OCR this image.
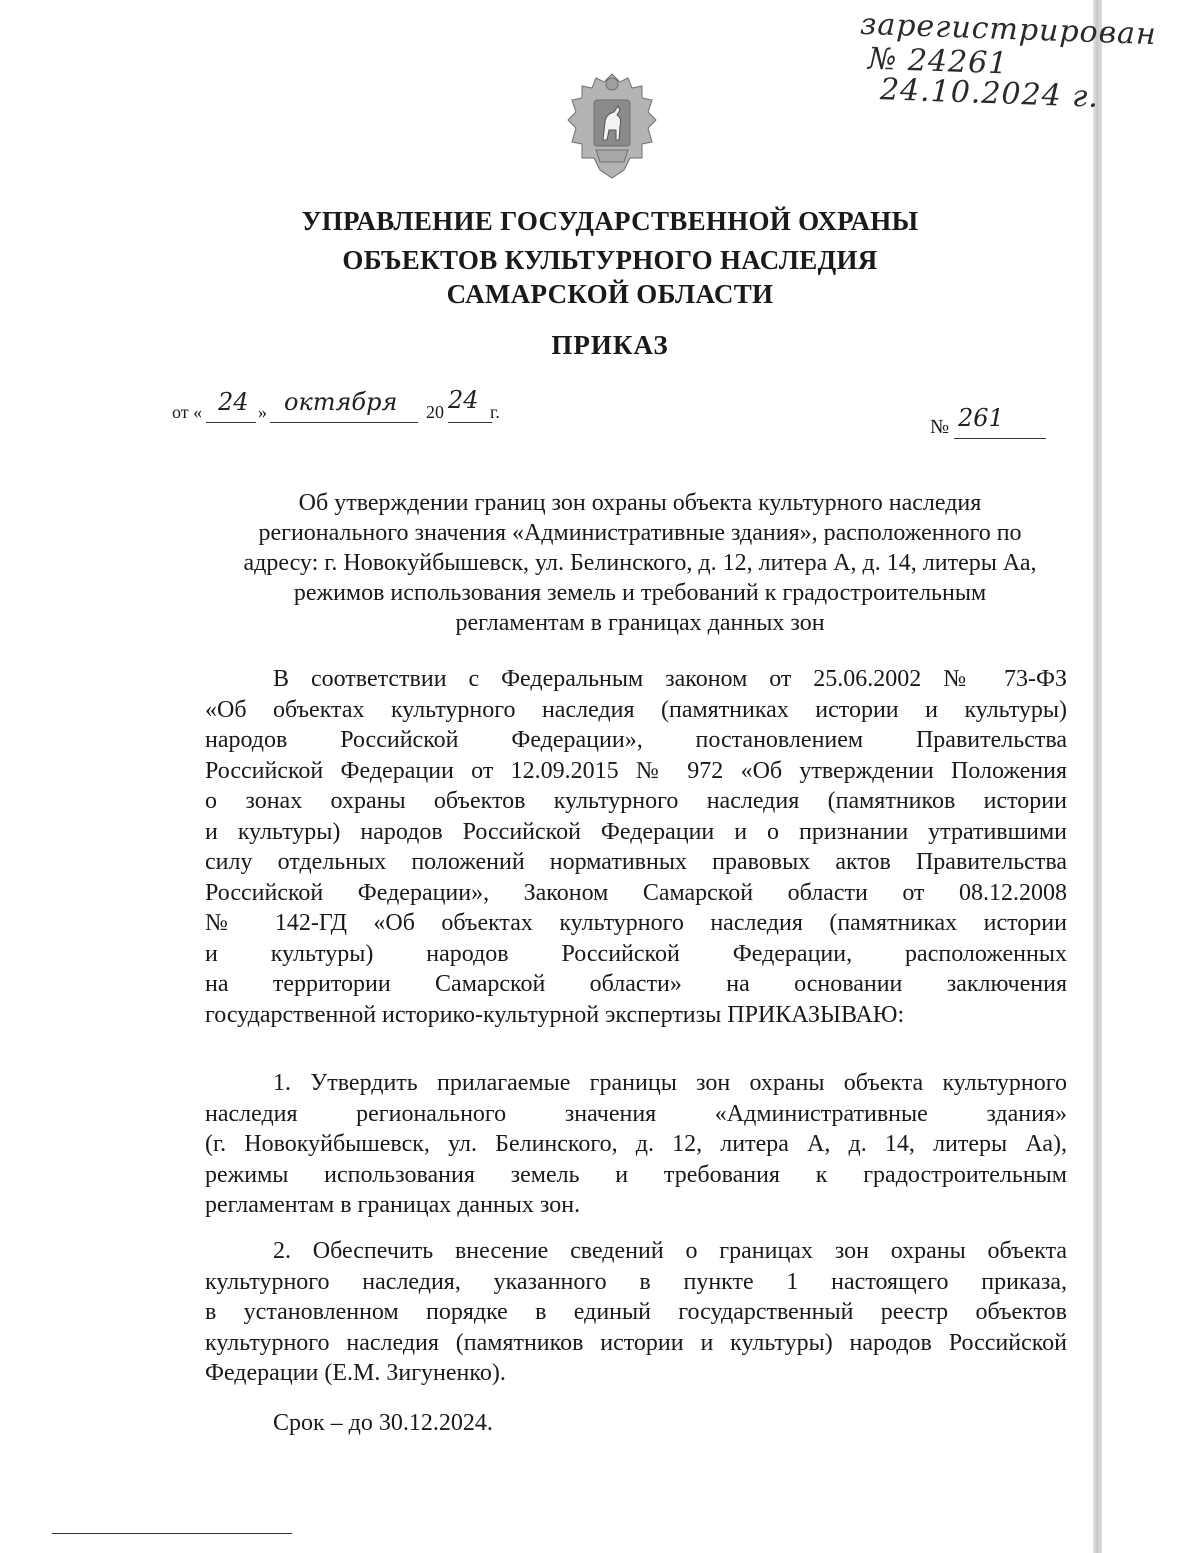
зарегистрирован
№ 24261
24.10.2024 г.
УПРАВЛЕНИЕ ГОСУДАРСТВЕННОЙ ОХРАНЫ
ОБЪЕКТОВ КУЛЬТУРНОГО НАСЛЕДИЯ
САМАРСКОЙ ОБЛАСТИ
ПРИКАЗ
от « 24 » октября 20 24 г.
№ 261
Об утверждении границ зон охраны объекта культурного наследия
регионального значения «Административные здания», расположенного по
адресу: г. Новокуйбышевск, ул. Белинского, д. 12, литера А, д. 14, литеры Аа,
режимов использования земель и требований к градостроительным
регламентам в границах данных зон
В соответствии с Федеральным законом от 25.06.2002 № 73-ФЗ
«Об объектах культурного наследия (памятниках истории и культуры)
народов Российской Федерации», постановлением Правительства
Российской Федерации от 12.09.2015 № 972 «Об утверждении Положения
о зонах охраны объектов культурного наследия (памятников истории
и культуры) народов Российской Федерации и о признании утратившими
силу отдельных положений нормативных правовых актов Правительства
Российской Федерации», Законом Самарской области от 08.12.2008
№ 142-ГД «Об объектах культурного наследия (памятниках истории
и культуры) народов Российской Федерации, расположенных
на территории Самарской области» на основании заключения
государственной историко-культурной экспертизы ПРИКАЗЫВАЮ:
1. Утвердить прилагаемые границы зон охраны объекта культурного
наследия регионального значения «Административные здания»
(г. Новокуйбышевск, ул. Белинского, д. 12, литера А, д. 14, литеры Аа),
режимы использования земель и требования к градостроительным
регламентам в границах данных зон.
2. Обеспечить внесение сведений о границах зон охраны объекта
культурного наследия, указанного в пункте 1 настоящего приказа,
в установленном порядке в единый государственный реестр объектов
культурного наследия (памятников истории и культуры) народов Российской
Федерации (Е.М. Зигуненко).
Срок – до 30.12.2024.
